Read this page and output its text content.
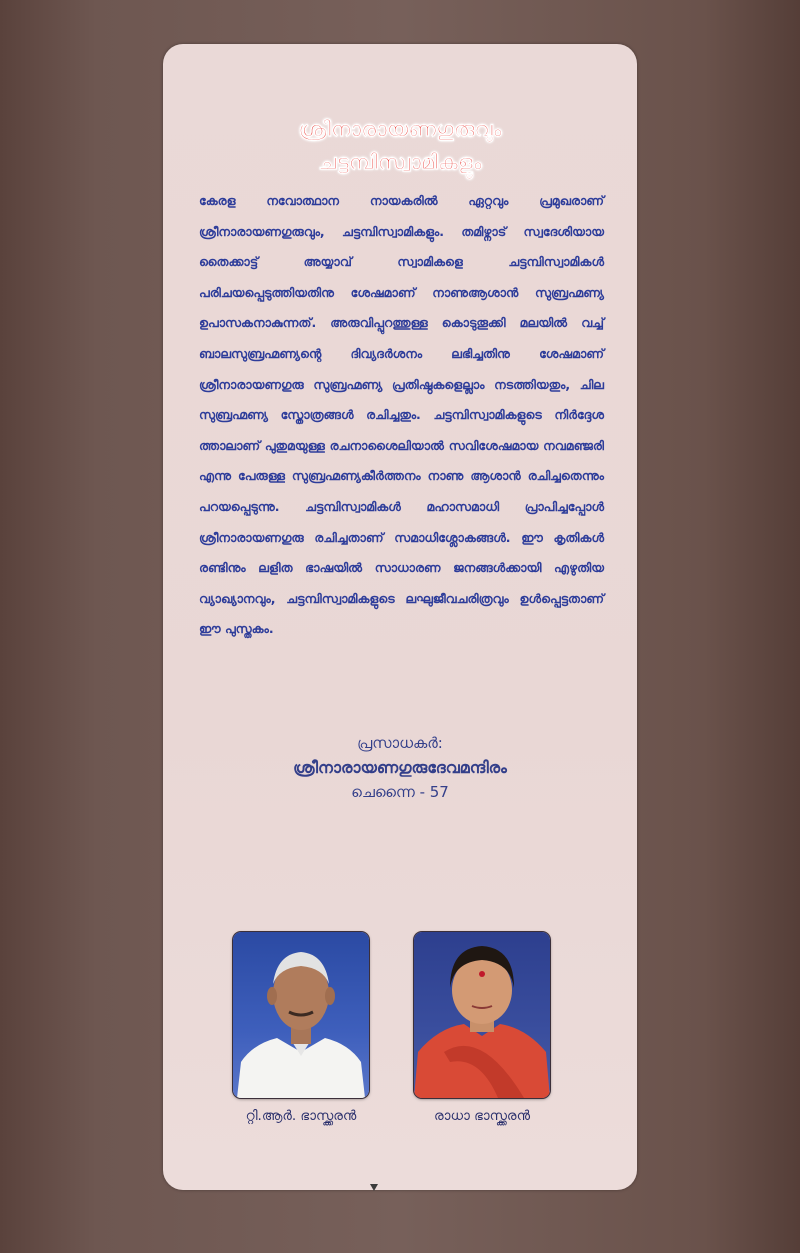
ശ്രീനാരായണഗുരുവും
ചട്ടമ്പിസ്വാമികളും
കേരള നവോത്ഥാന നായകരിൽ ഏറ്റവും പ്രമുഖരാണ് ശ്രീനാരായണഗുരുവും, ചട്ടമ്പിസ്വാമികളും. തമിഴ്നാട് സ്വദേശിയായ തൈക്കാട്ട് അയ്യാവ് സ്വാമികളെ ചട്ടമ്പിസ്വാമികൾ പരിചയപ്പെടുത്തിയതിനു ശേഷമാണ് നാണുആശാൻ സുബ്രഹ്മണ്യ ഉപാസകനാകുന്നത്. അരുവിപ്പുറത്തുള്ള കൊടുതൂക്കി മലയിൽ വച്ച് ബാലസുബ്രഹ്മണ്യന്റെ ദിവ്യദർശനം ലഭിച്ചതിനു ശേഷമാണ് ശ്രീനാരായണഗുരു സുബ്രഹ്മണ്യ പ്രതിഷ്ഠകളെല്ലാം നടത്തിയതും, ചില സുബ്രഹ്മണ്യ സ്തോത്രങ്ങൾ രചിച്ചതും. ചട്ടമ്പിസ്വാമികളുടെ നിർദ്ദേശ ത്താലാണ് പുതുമയുള്ള രചനാശൈലിയാൽ സവിശേഷമായ നവമഞ്ജരി എന്നു പേരുള്ള സുബ്രഹ്മണ്യകീർത്തനം നാണു ആശാൻ രചിച്ചതെന്നും പറയപ്പെടുന്നു. ചട്ടമ്പിസ്വാമികൾ മഹാസമാധി പ്രാപിച്ചപ്പോൾ ശ്രീനാരായണഗുരു രചിച്ചതാണ് സമാധിശ്ലോകങ്ങൾ. ഈ കൃതികൾ രണ്ടിനും ലളിത ഭാഷയിൽ സാധാരണ ജനങ്ങൾക്കായി എഴുതിയ വ്യാഖ്യാനവും, ചട്ടമ്പിസ്വാമികളുടെ ലഘുജീവചരിത്രവും ഉൾപ്പെട്ടതാണ് ഈ പുസ്തകം.
പ്രസാധകർ:
ശ്രീനാരായണഗുരുദേവമന്ദിരം
ചെന്നൈ - 57
റ്റി.ആർ. ഭാസ്ക്കരൻ	രാധാ ഭാസ്ക്കരൻ
